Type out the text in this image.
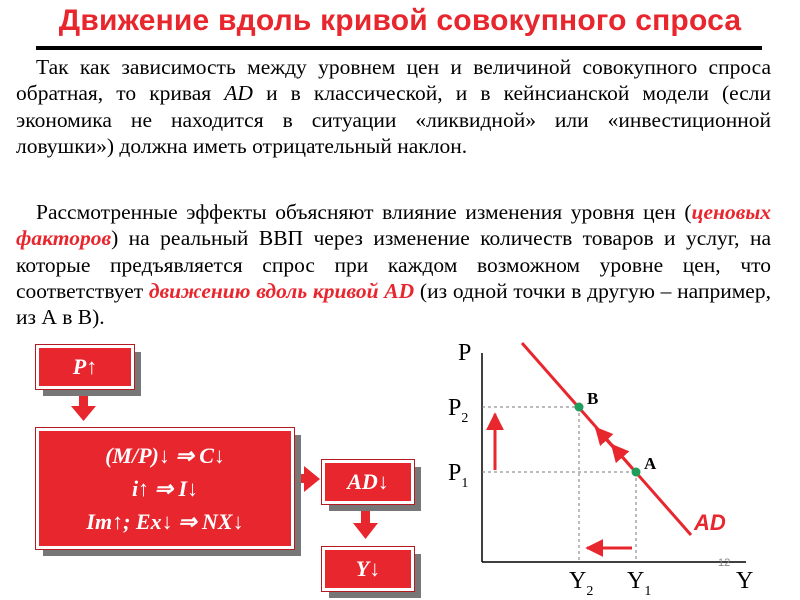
Движение вдоль кривой совокупного спроса

Так как зависимость между уровнем цен и величиной совокупного спроса обратная, то кривая AD и в классической, и в кейнсианской модели (если экономика не находится в ситуации «ликвидной» или «инвестиционной ловушки») должна иметь отрицательный наклон.

Рассмотренные эффекты объясняют влияние изменения уровня цен (ценовых факторов) на реальный ВВП через изменение количеств товаров и услуг, на которые предъявляется спрос при каждом возможном уровне цен, что соответствует движению вдоль кривой AD (из одной точки в другую – например, из А в В).

B
A
P
$P_2$
$P_1$
$Y_2$ $Y_1$	Y
AD
12
P↑
(M/P)↓ ⇒ C↓
i↑ ⇒ I↓
Im↑; Ex↓ ⇒ NX↓
AD↓
Y↓
